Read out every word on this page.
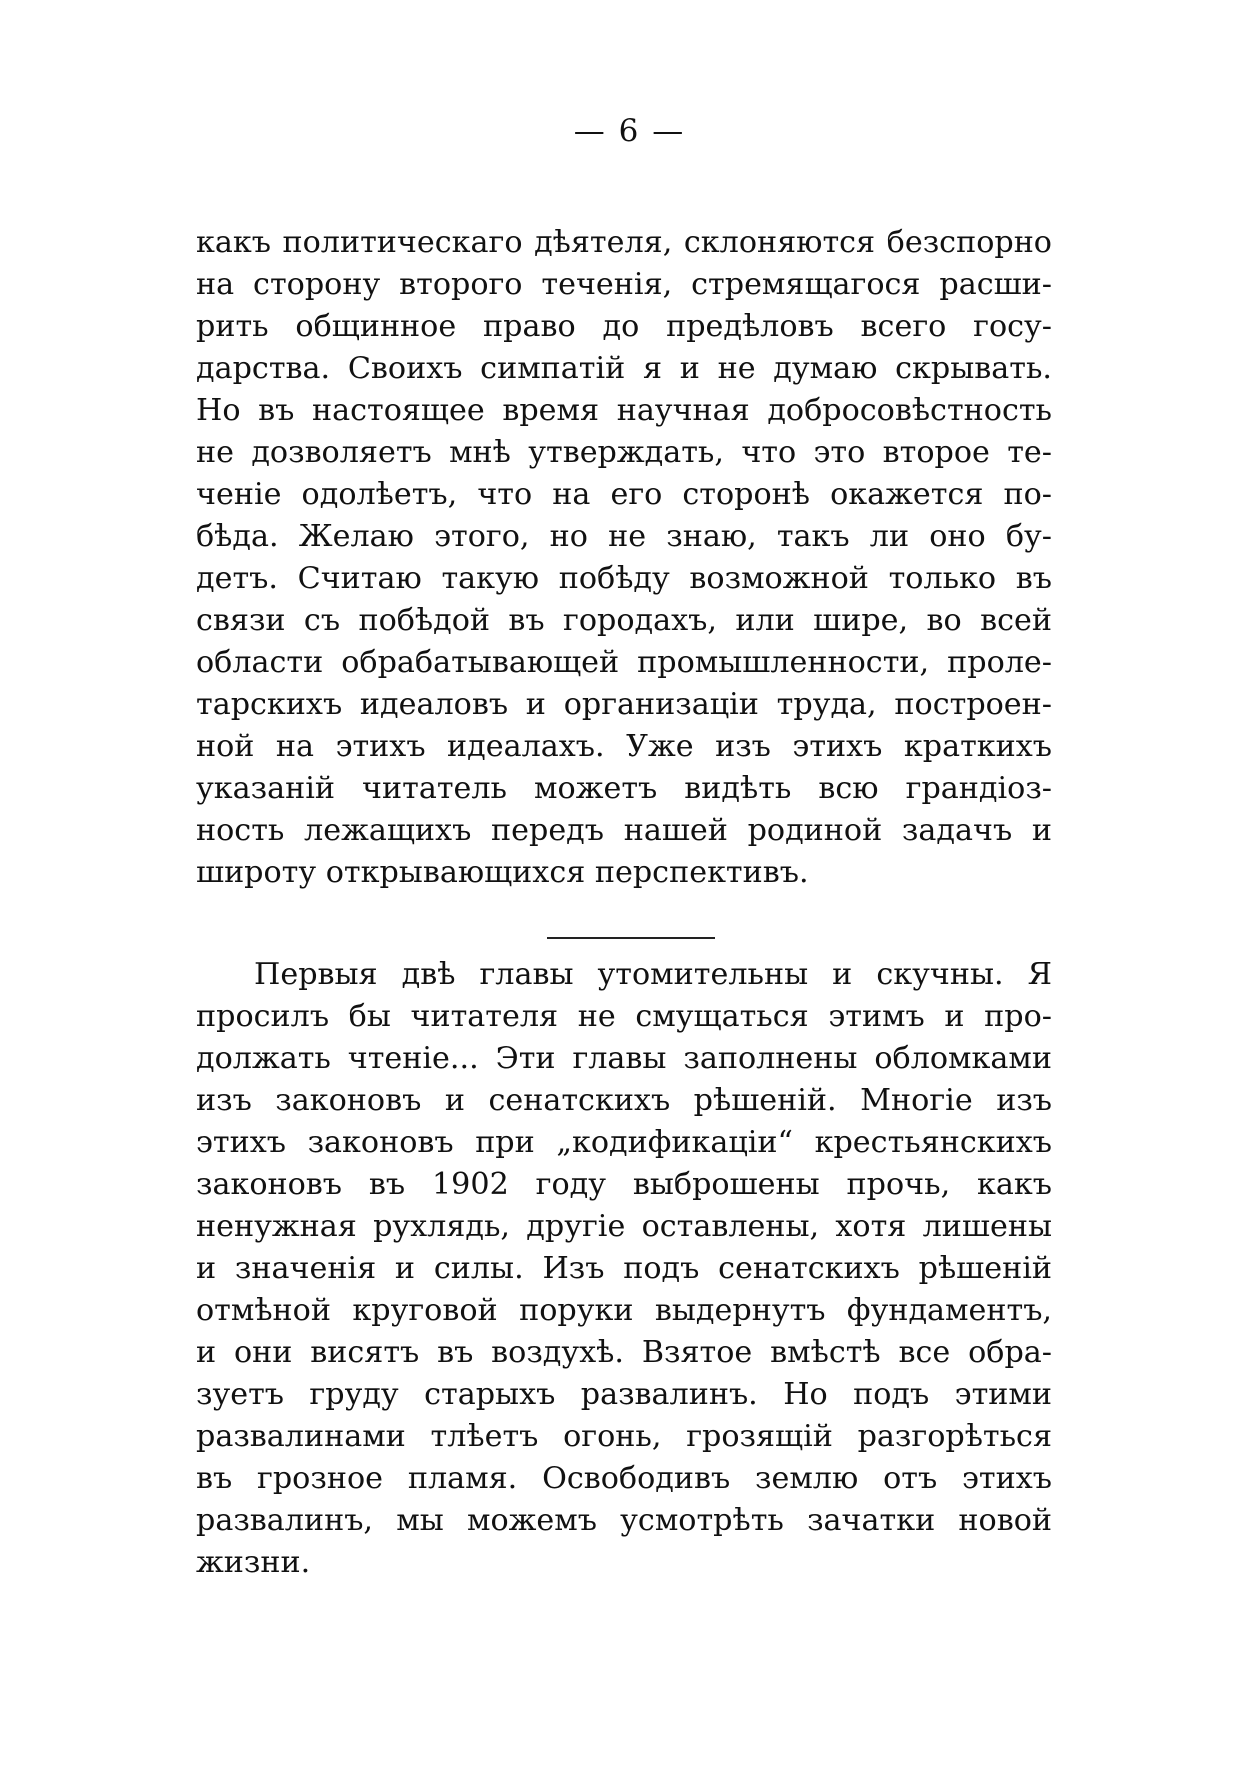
— 6 —
какъ политическаго дѣятеля, склоняются безспорно
на сторону второго теченія, стремящагося расши-
рить общинное право до предѣловъ всего госу-
дарства. Своихъ симпатій я и не думаю скрывать.
Но въ настоящее время научная добросовѣстность
не дозволяетъ мнѣ утверждать, что это второе те-
ченіе одолѣетъ, что на его сторонѣ окажется по-
бѣда. Желаю этого, но не знаю, такъ ли оно бу-
детъ. Считаю такую побѣду возможной только въ
связи съ побѣдой въ городахъ, или шире, во всей
области обрабатывающей промышленности, проле-
тарскихъ идеаловъ и организаціи труда, построен-
ной на этихъ идеалахъ. Уже изъ этихъ краткихъ
указаній читатель можетъ видѣть всю грандіоз-
ность лежащихъ передъ нашей родиной задачъ и
широту открывающихся перспективъ.
Первыя двѣ главы утомительны и скучны. Я
просилъ бы читателя не смущаться этимъ и про-
должать чтеніе... Эти главы заполнены обломками
изъ законовъ и сенатскихъ рѣшеній. Многіе изъ
этихъ законовъ при „кодификаціи“ крестьянскихъ
законовъ въ 1902 году выброшены прочь, какъ
ненужная рухлядь, другіе оставлены, хотя лишены
и значенія и силы. Изъ подъ сенатскихъ рѣшеній
отмѣной круговой поруки выдернутъ фундаментъ,
и они висятъ въ воздухѣ. Взятое вмѣстѣ все обра-
зуетъ груду старыхъ развалинъ. Но подъ этими
развалинами тлѣетъ огонь, грозящій разгорѣться
въ грозное пламя. Освободивъ землю отъ этихъ
развалинъ, мы можемъ усмотрѣть зачатки новой
жизни.
